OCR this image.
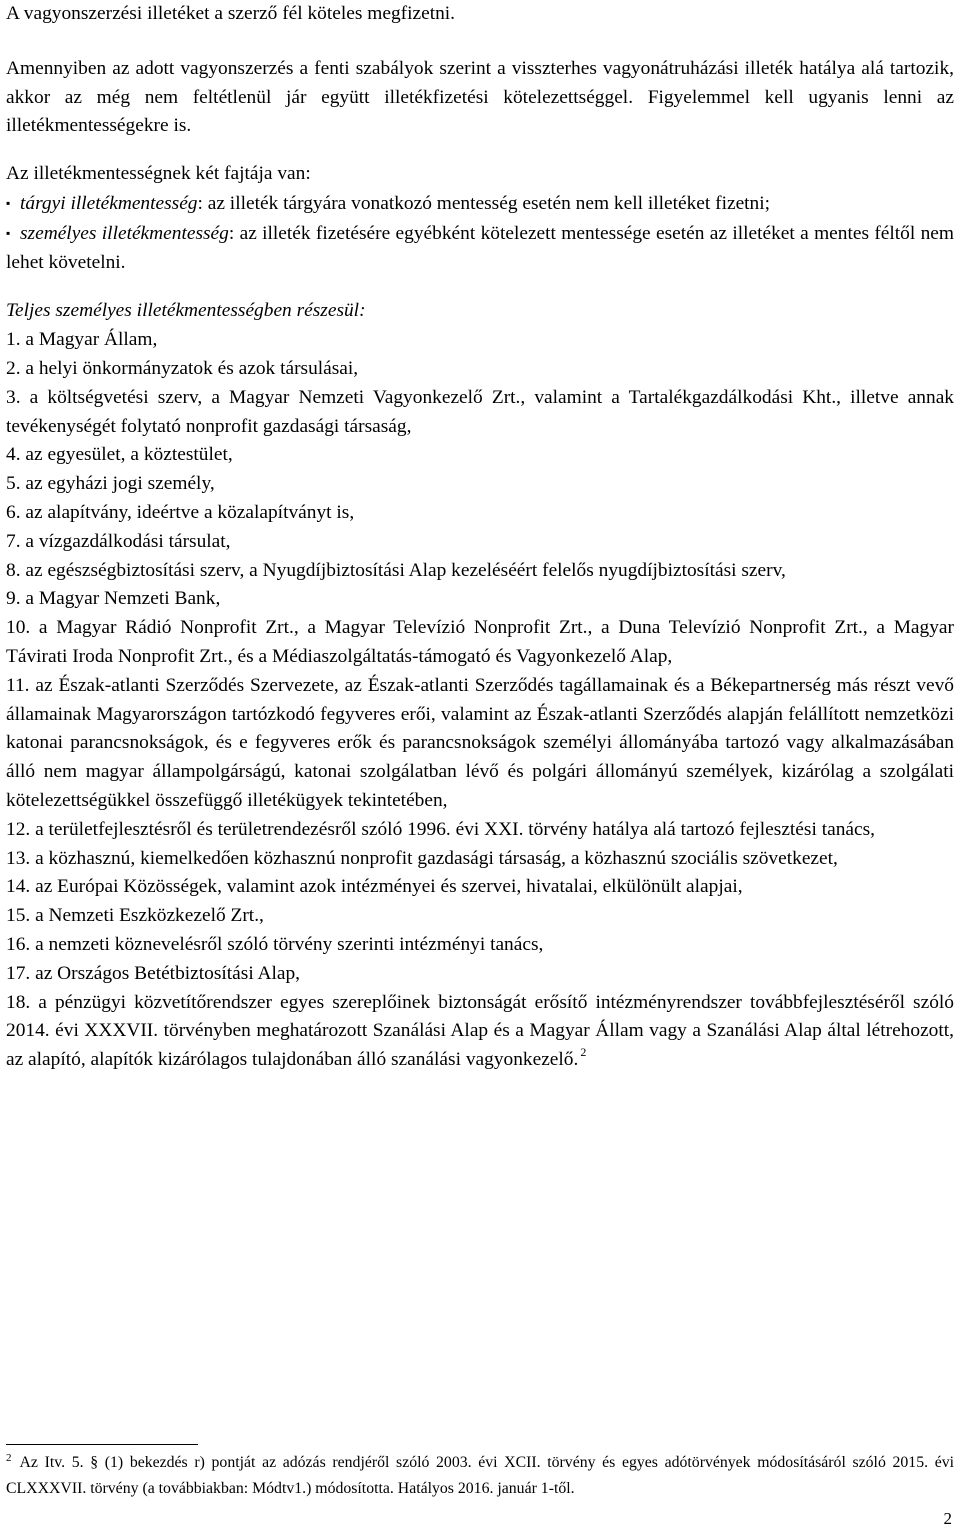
A vagyonszerzési illetéket a szerző fél köteles megfizetni.

Amennyiben az adott vagyonszerzés a fenti szabályok szerint a visszterhes vagyonátruházási illeték hatálya alá tartozik, akkor az még nem feltétlenül jár együtt illetékfizetési kötelezettséggel. Figyelemmel kell ugyanis lenni az illetékmentességekre is.

Az illetékmentességnek két fajtája van:

▪ tárgyi illetékmentesség: az illeték tárgyára vonatkozó mentesség esetén nem kell illetéket fizetni;

▪ személyes illetékmentesség: az illeték fizetésére egyébként kötelezett mentessége esetén az illetéket a mentes féltől nem lehet követelni.

Teljes személyes illetékmentességben részesül:

1. a Magyar Állam,

2. a helyi önkormányzatok és azok társulásai,

3. a költségvetési szerv, a Magyar Nemzeti Vagyonkezelő Zrt., valamint a Tartalékgazdálkodási Kht., illetve annak tevékenységét folytató nonprofit gazdasági társaság,

4. az egyesület, a köztestület,

5. az egyházi jogi személy,

6. az alapítvány, ideértve a közalapítványt is,

7. a vízgazdálkodási társulat,

8. az egészségbiztosítási szerv, a Nyugdíjbiztosítási Alap kezeléséért felelős nyugdíjbiztosítási szerv,

9. a Magyar Nemzeti Bank,

10. a Magyar Rádió Nonprofit Zrt., a Magyar Televízió Nonprofit Zrt., a Duna Televízió Nonprofit Zrt., a Magyar Távirati Iroda Nonprofit Zrt., és a Médiaszolgáltatás-támogató és Vagyonkezelő Alap,

11. az Észak-atlanti Szerződés Szervezete, az Észak-atlanti Szerződés tagállamainak és a Békepartnerség más részt vevő államainak Magyarországon tartózkodó fegyveres erői, valamint az Észak-atlanti Szerződés alapján felállított nemzetközi katonai parancsnokságok, és e fegyveres erők és parancsnokságok személyi állományába tartozó vagy alkalmazásában álló nem magyar állampolgárságú, katonai szolgálatban lévő és polgári állományú személyek, kizárólag a szolgálati kötelezettségükkel összefüggő illetékügyek tekintetében,

12. a területfejlesztésről és területrendezésről szóló 1996. évi XXI. törvény hatálya alá tartozó fejlesztési tanács,

13. a közhasznú, kiemelkedően közhasznú nonprofit gazdasági társaság, a közhasznú szociális szövetkezet,

14. az Európai Közösségek, valamint azok intézményei és szervei, hivatalai, elkülönült alapjai,

15. a Nemzeti Eszközkezelő Zrt.,

16. a nemzeti köznevelésről szóló törvény szerinti intézményi tanács,

17. az Országos Betétbiztosítási Alap,

18. a pénzügyi közvetítőrendszer egyes szereplőinek biztonságát erősítő intézményrendszer továbbfejlesztéséről szóló 2014. évi XXXVII. törvényben meghatározott Szanálási Alap és a Magyar Állam vagy a Szanálási Alap által létrehozott, az alapító, alapítók kizárólagos tulajdonában álló szanálási vagyonkezelő. $^2$

$^2$ Az Itv. 5. § (1) bekezdés r) pontját az adózás rendjéről szóló 2003. évi XCII. törvény és egyes adótörvények módosításáról szóló 2015. évi CLXXXVII. törvény (a továbbiakban: Módtv1.) módosította. Hatályos 2016. január 1-től.
2
